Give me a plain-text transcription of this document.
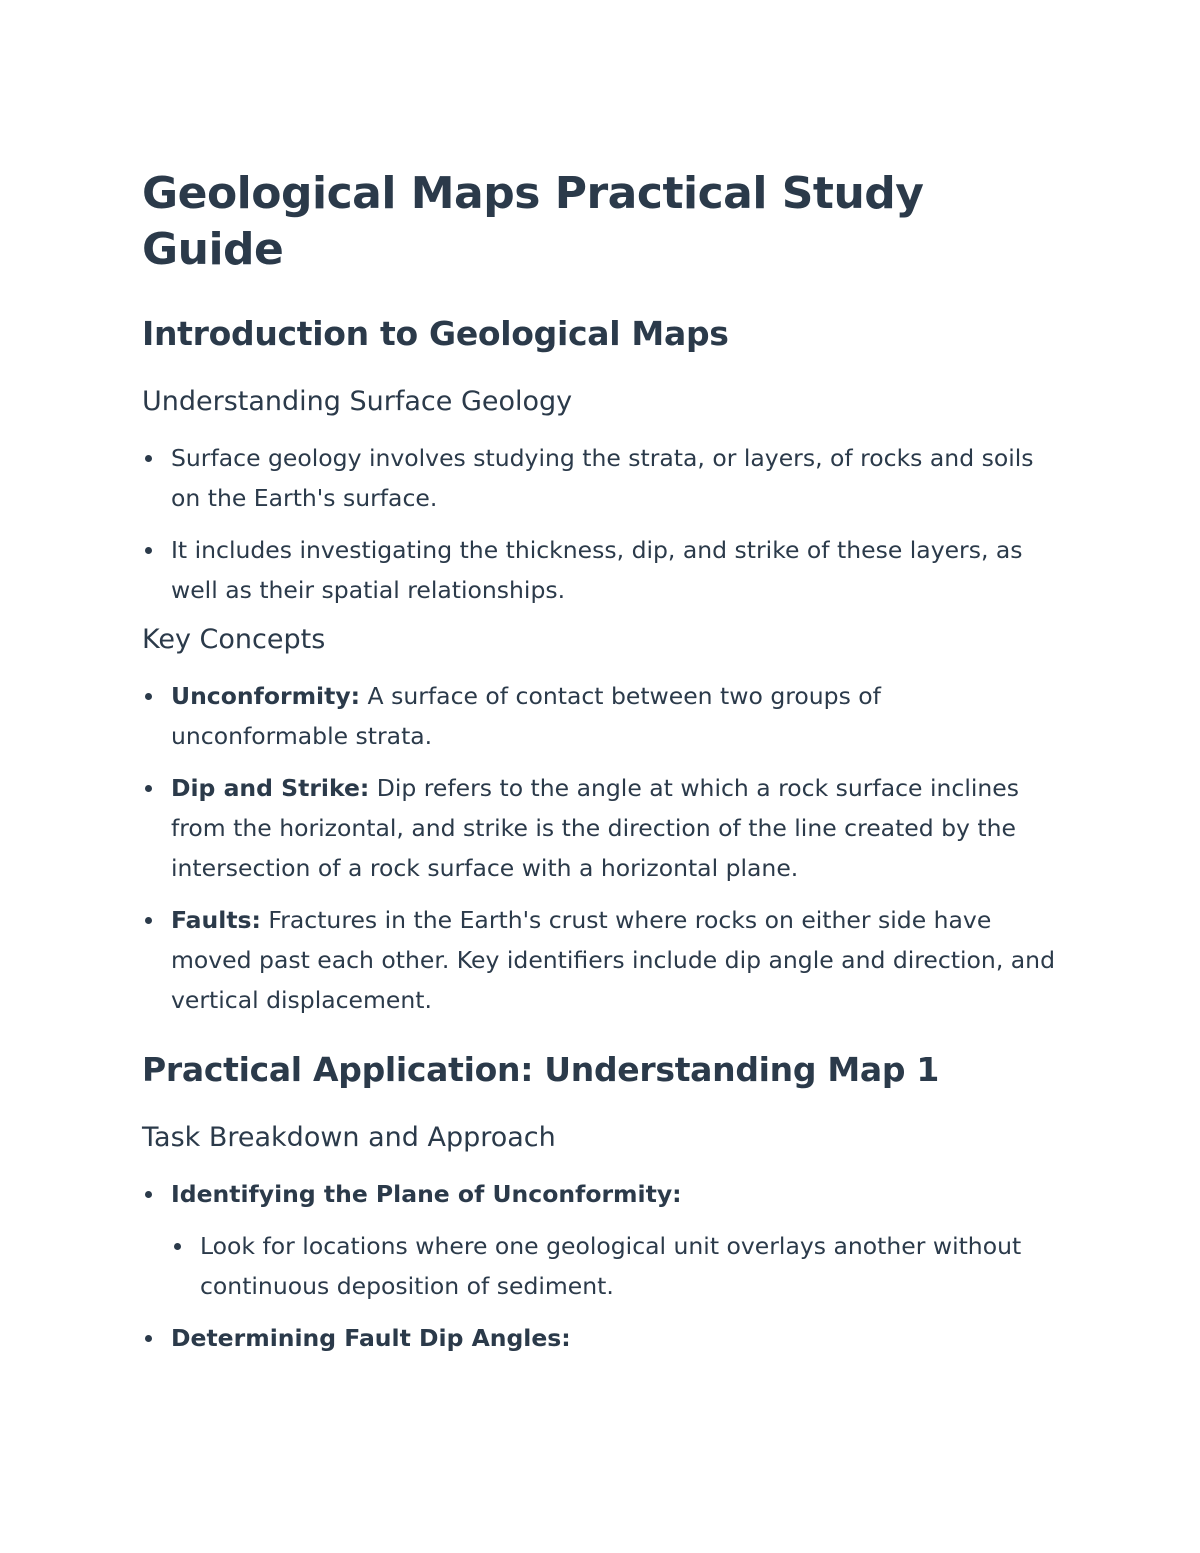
Geological Maps Practical Study Guide
Introduction to Geological Maps
Understanding Surface Geology
Surface geology involves studying the strata, or layers, of rocks and soils on the Earth's surface.
It includes investigating the thickness, dip, and strike of these layers, as well as their spatial relationships.
Key Concepts
Unconformity: A surface of contact between two groups of unconformable strata.
Dip and Strike: Dip refers to the angle at which a rock surface inclines from the horizontal, and strike is the direction of the line created by the intersection of a rock surface with a horizontal plane.
Faults: Fractures in the Earth's crust where rocks on either side have moved past each other. Key identifiers include dip angle and direction, and vertical displacement.
Practical Application: Understanding Map 1
Task Breakdown and Approach
Identifying the Plane of Unconformity:
Look for locations where one geological unit overlays another without continuous deposition of sediment.
Determining Fault Dip Angles:
